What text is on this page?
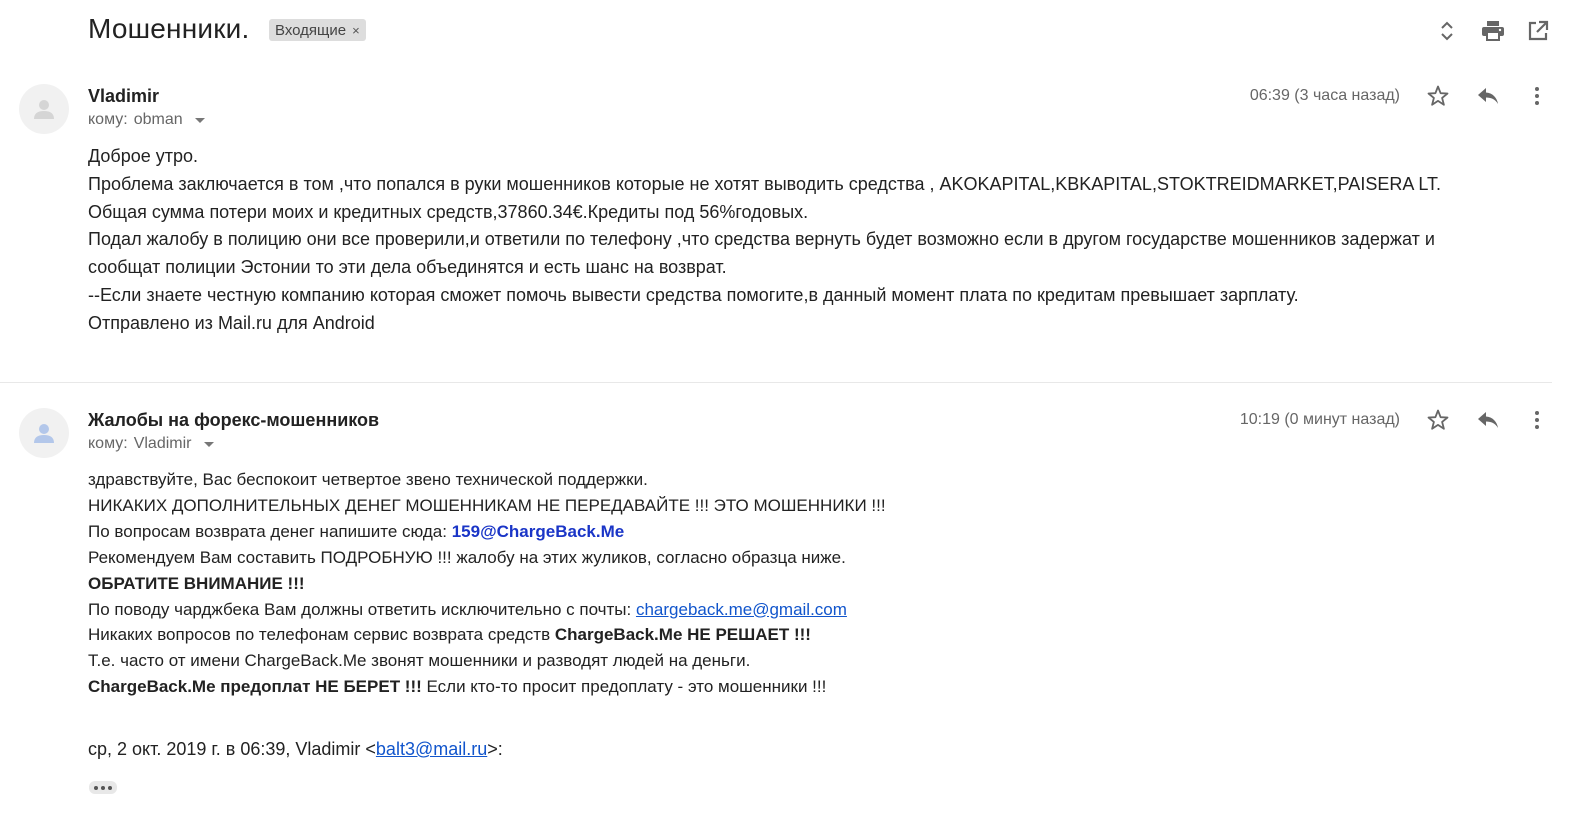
Мошенники. Входящие ×
Vladimir
кому: obman
06:39 (3 часа назад)

Доброе утро.

Проблема заключается в том ,что попался в руки мошенников которые не хотят выводить средства , AKOKAPITAL,KBKAPITAL,STOKTREIDMARKET,PAISERA LT.

Общая сумма потери моих и кредитных средств,37860.34€.Кредиты под 56%годовых.

Подал жалобу в полицию они все проверили,и ответили по телефону ,что средства вернуть будет возможно если в другом государстве мошенников задержат и

сообщат полиции Эстонии то эти дела объединятся и есть шанс на возврат.

--Если знаете честную компанию которая сможет помочь вывести средства помогите,в данный момент плата по кредитам превышает зарплату.

Отправлено из Mail.ru для Android

Жалобы на форекс-мошенников
кому: Vladimir
10:19 (0 минут назад)

здравствуйте, Вас беспокоит четвертое звено технической поддержки.

НИКАКИХ ДОПОЛНИТЕЛЬНЫХ ДЕНЕГ МОШЕННИКАМ НЕ ПЕРЕДАВАЙТЕ !!! ЭТО МОШЕННИКИ !!!

По вопросам возврата денег напишите сюда: 159@ChargeBack.Me

Рекомендуем Вам составить ПОДРОБНУЮ !!! жалобу на этих жуликов, согласно образца ниже.

ОБРАТИТЕ ВНИМАНИЕ !!!

По поводу чарджбека Вам должны ответить исключительно с почты: chargeback.me@gmail.com

Никаких вопросов по телефонам сервис возврата средств ChargeBack.Me НЕ РЕШАЕТ !!!

Т.е. часто от имени ChargeBack.Me звонят мошенники и разводят людей на деньги.

ChargeBack.Me предоплат НЕ БЕРЕТ !!! Если кто-то просит предоплату - это мошенники !!!

ср, 2 окт. 2019 г. в 06:39, Vladimir <balt3@mail.ru>:
